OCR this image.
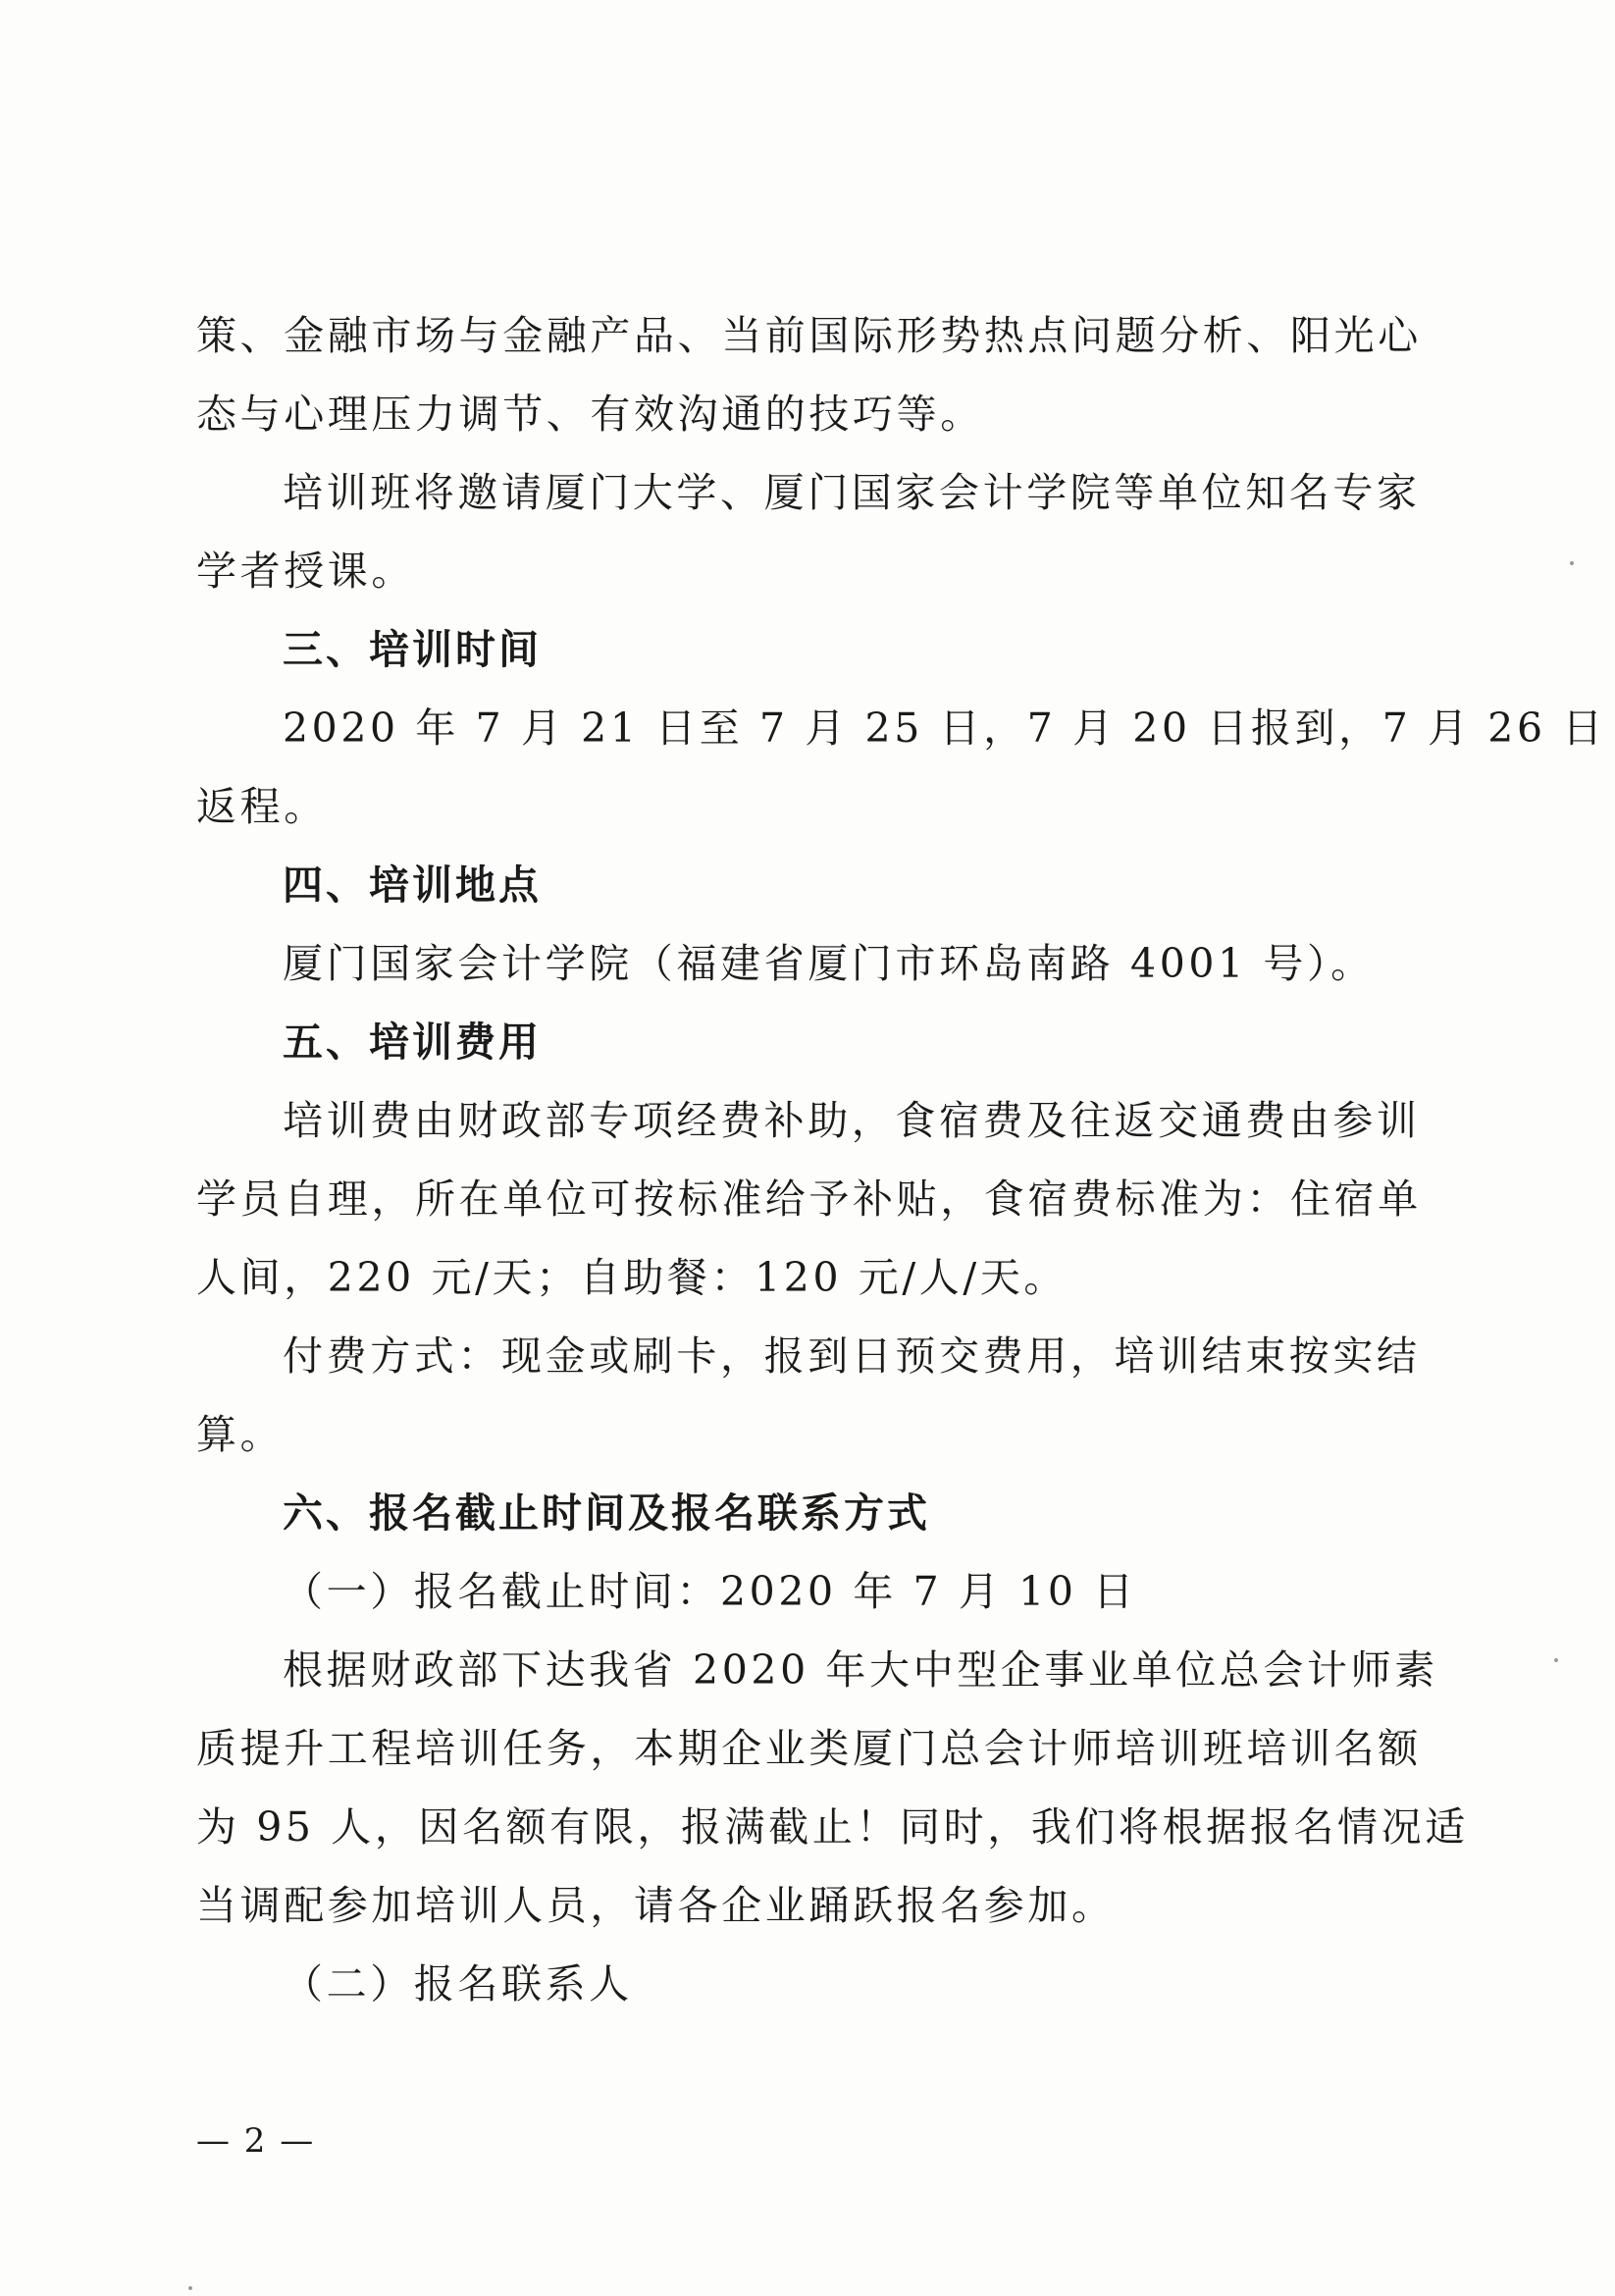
策、金融市场与金融产品、当前国际形势热点问题分析、阳光心
态与心理压力调节、有效沟通的技巧等。
培训班将邀请厦门大学、厦门国家会计学院等单位知名专家
学者授课。
三、培训时间
2020 年 7 月 21 日至 7 月 25 日，7 月 20 日报到，7 月 26 日
返程。
四、培训地点
厦门国家会计学院（福建省厦门市环岛南路 4001 号）。
五、培训费用
培训费由财政部专项经费补助，食宿费及往返交通费由参训
学员自理，所在单位可按标准给予补贴，食宿费标准为：住宿单
人间，220 元/天；自助餐：120 元/人/天。
付费方式：现金或刷卡，报到日预交费用，培训结束按实结
算。
六、报名截止时间及报名联系方式
（一）报名截止时间：2020 年 7 月 10 日
根据财政部下达我省 2020 年大中型企事业单位总会计师素
质提升工程培训任务，本期企业类厦门总会计师培训班培训名额
为 95 人，因名额有限，报满截止！同时，我们将根据报名情况适
当调配参加培训人员，请各企业踊跃报名参加。
（二）报名联系人
— 2 —
